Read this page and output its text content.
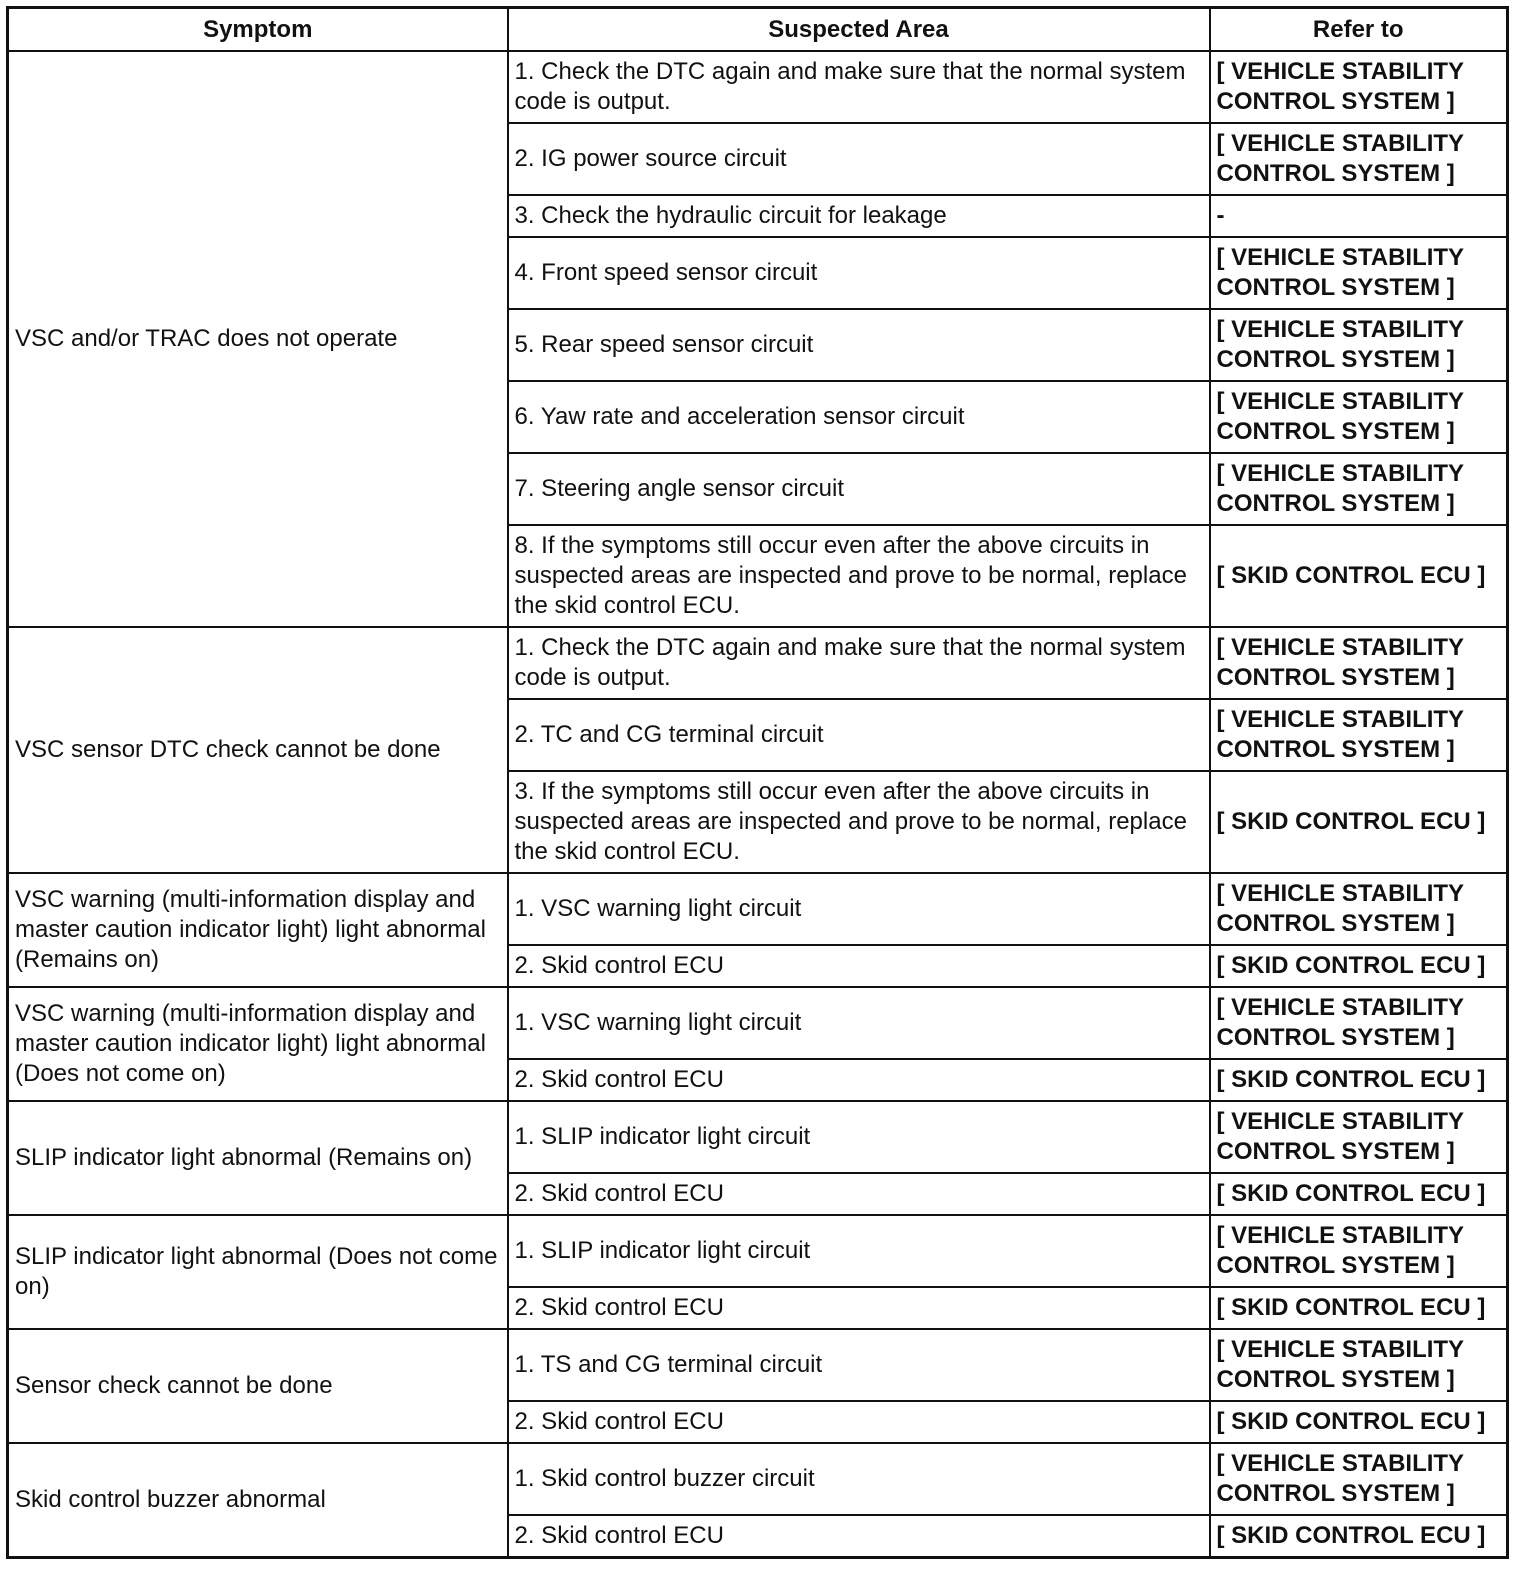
Symptom	Suspected Area	Refer to
VSC and/or TRAC does not operate	1. Check the DTC again and make sure that the normal system code is output.	[ VEHICLE STABILITY CONTROL SYSTEM ]
	2. IG power source circuit	[ VEHICLE STABILITY CONTROL SYSTEM ]
	3. Check the hydraulic circuit for leakage	-
	4. Front speed sensor circuit	[ VEHICLE STABILITY CONTROL SYSTEM ]
	5. Rear speed sensor circuit	[ VEHICLE STABILITY CONTROL SYSTEM ]
	6. Yaw rate and acceleration sensor circuit	[ VEHICLE STABILITY CONTROL SYSTEM ]
	7. Steering angle sensor circuit	[ VEHICLE STABILITY CONTROL SYSTEM ]
	8. If the symptoms still occur even after the above circuits in suspected areas are inspected and prove to be normal, replace the skid control ECU.	[ SKID CONTROL ECU ]
VSC sensor DTC check cannot be done	1. Check the DTC again and make sure that the normal system code is output.	[ VEHICLE STABILITY CONTROL SYSTEM ]
	2. TC and CG terminal circuit	[ VEHICLE STABILITY CONTROL SYSTEM ]
	3. If the symptoms still occur even after the above circuits in suspected areas are inspected and prove to be normal, replace the skid control ECU.	[ SKID CONTROL ECU ]
VSC warning (multi-information display and master caution indicator light) light abnormal (Remains on)	1. VSC warning light circuit	[ VEHICLE STABILITY CONTROL SYSTEM ]
	2. Skid control ECU	[ SKID CONTROL ECU ]
VSC warning (multi-information display and master caution indicator light) light abnormal (Does not come on)	1. VSC warning light circuit	[ VEHICLE STABILITY CONTROL SYSTEM ]
	2. Skid control ECU	[ SKID CONTROL ECU ]
SLIP indicator light abnormal (Remains on)	1. SLIP indicator light circuit	[ VEHICLE STABILITY CONTROL SYSTEM ]
	2. Skid control ECU	[ SKID CONTROL ECU ]
SLIP indicator light abnormal (Does not come on)	1. SLIP indicator light circuit	[ VEHICLE STABILITY CONTROL SYSTEM ]
	2. Skid control ECU	[ SKID CONTROL ECU ]
Sensor check cannot be done	1. TS and CG terminal circuit	[ VEHICLE STABILITY CONTROL SYSTEM ]
	2. Skid control ECU	[ SKID CONTROL ECU ]
Skid control buzzer abnormal	1. Skid control buzzer circuit	[ VEHICLE STABILITY CONTROL SYSTEM ]
	2. Skid control ECU	[ SKID CONTROL ECU ]
